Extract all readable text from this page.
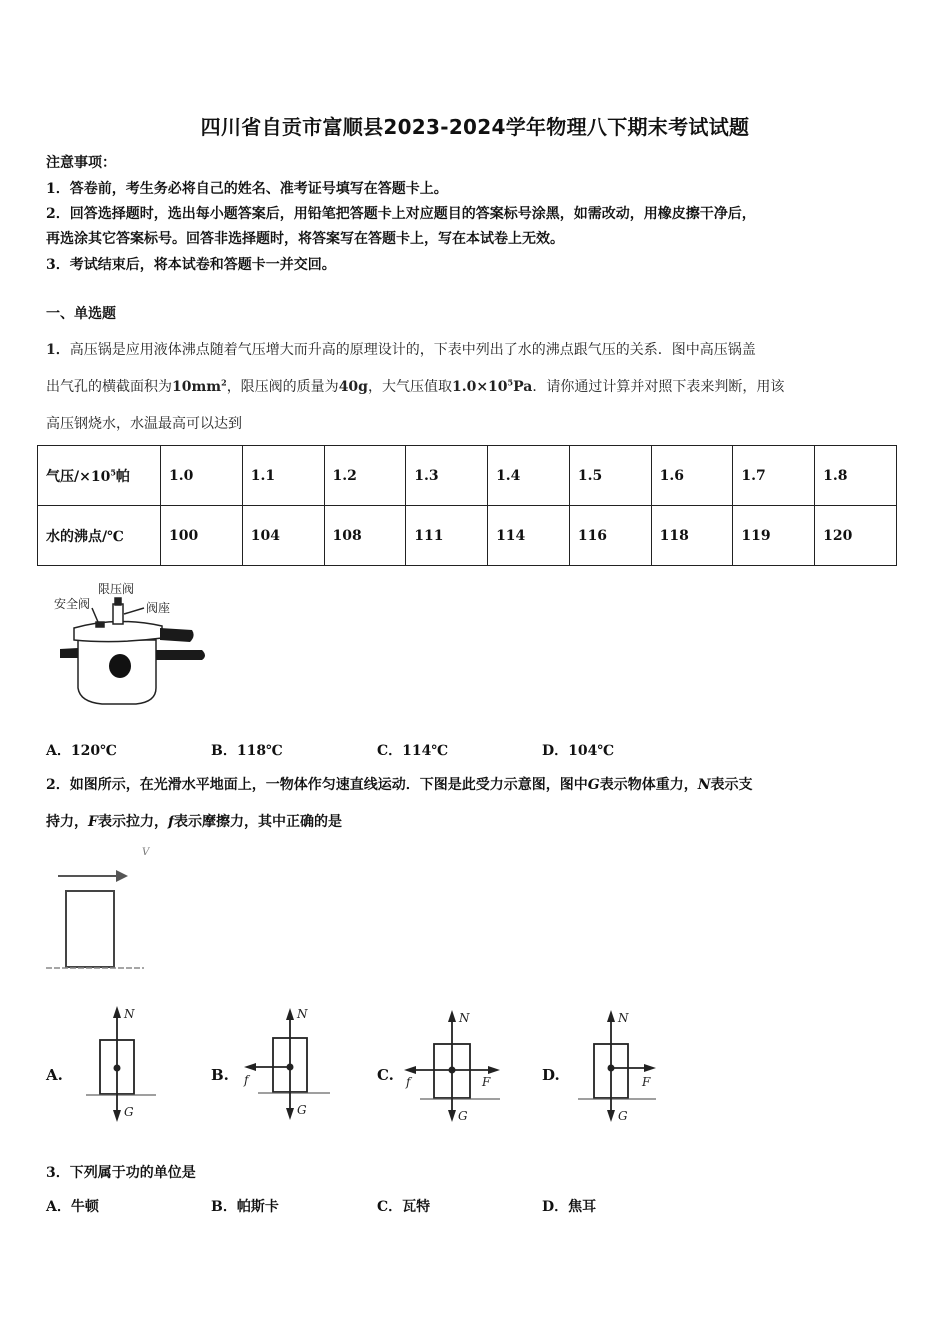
四川省自贡市富顺县2023-2024学年物理八下期末考试试题
注意事项：
1．答卷前，考生务必将自己的姓名、准考证号填写在答题卡上。
2．回答选择题时，选出每小题答案后，用铅笔把答题卡上对应题目的答案标号涂黑，如需改动，用橡皮擦干净后，
再选涂其它答案标号。回答非选择题时，将答案写在答题卡上，写在本试卷上无效。
3．考试结束后，将本试卷和答题卡一并交回。
一、单选题
1．高压锅是应用液体沸点随着气压增大而升高的原理设计的，下表中列出了水的沸点跟气压的关系．图中高压锅盖
出气孔的横截面积为$10mm^2$，限压阀的质量为40g，大气压值取$1.0\times 10^5Pa$．请你通过计算并对照下表来判断，用该
高压钢烧水，水温最高可以达到
气压$/\times 10^5$帕	1.0	1.1	1.2	1.3	1.4	1.5	1.6	1.7	1.8
水的沸点/℃	100	104	108	111	114	116	118	119	120
安全阀
限压阀
阀座
A．120℃	B．118℃	C．114℃	D．104℃
2．如图所示，在光滑水平地面上，一物体作匀速直线运动．下图是此受力示意图，图中G表示物体重力，N表示支
持力，F表示拉力，f表示摩擦力，其中正确的是
V
A.
N
G
B.
N
G
f	C.
N
G
f	F	D.
N
G
F
3．下列属于功的单位是
A．牛顿	B．帕斯卡	C．瓦特	D．焦耳
